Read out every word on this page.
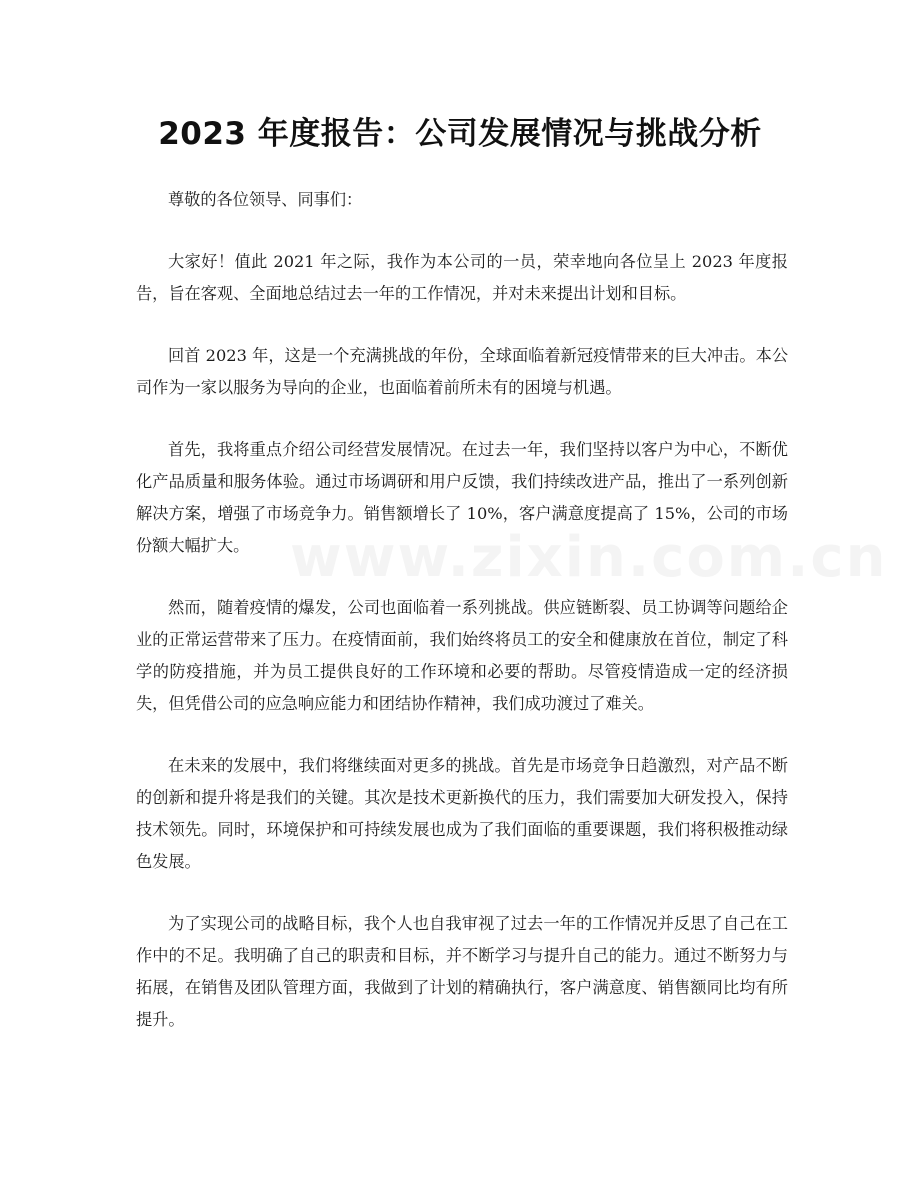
2023 年度报告：公司发展情况与挑战分析
www.zixin.com.cn

尊敬的各位领导、同事们：

大家好！值此 2021 年之际，我作为本公司的一员，荣幸地向各位呈上 2023 年度报告，旨在客观、全面地总结过去一年的工作情况，并对未来提出计划和目标。

回首 2023 年，这是一个充满挑战的年份，全球面临着新冠疫情带来的巨大冲击。本公司作为一家以服务为导向的企业，也面临着前所未有的困境与机遇。

首先，我将重点介绍公司经营发展情况。在过去一年，我们坚持以客户为中心，不断优化产品质量和服务体验。通过市场调研和用户反馈，我们持续改进产品，推出了一系列创新解决方案，增强了市场竞争力。销售额增长了 10%，客户满意度提高了 15%，公司的市场份额大幅扩大。

然而，随着疫情的爆发，公司也面临着一系列挑战。供应链断裂、员工协调等问题给企业的正常运营带来了压力。在疫情面前，我们始终将员工的安全和健康放在首位，制定了科学的防疫措施，并为员工提供良好的工作环境和必要的帮助。尽管疫情造成一定的经济损失，但凭借公司的应急响应能力和团结协作精神，我们成功渡过了难关。

在未来的发展中，我们将继续面对更多的挑战。首先是市场竞争日趋激烈，对产品不断的创新和提升将是我们的关键。其次是技术更新换代的压力，我们需要加大研发投入，保持技术领先。同时，环境保护和可持续发展也成为了我们面临的重要课题，我们将积极推动绿色发展。

为了实现公司的战略目标，我个人也自我审视了过去一年的工作情况并反思了自己在工作中的不足。我明确了自己的职责和目标，并不断学习与提升自己的能力。通过不断努力与拓展，在销售及团队管理方面，我做到了计划的精确执行，客户满意度、销售额同比均有所提升。
